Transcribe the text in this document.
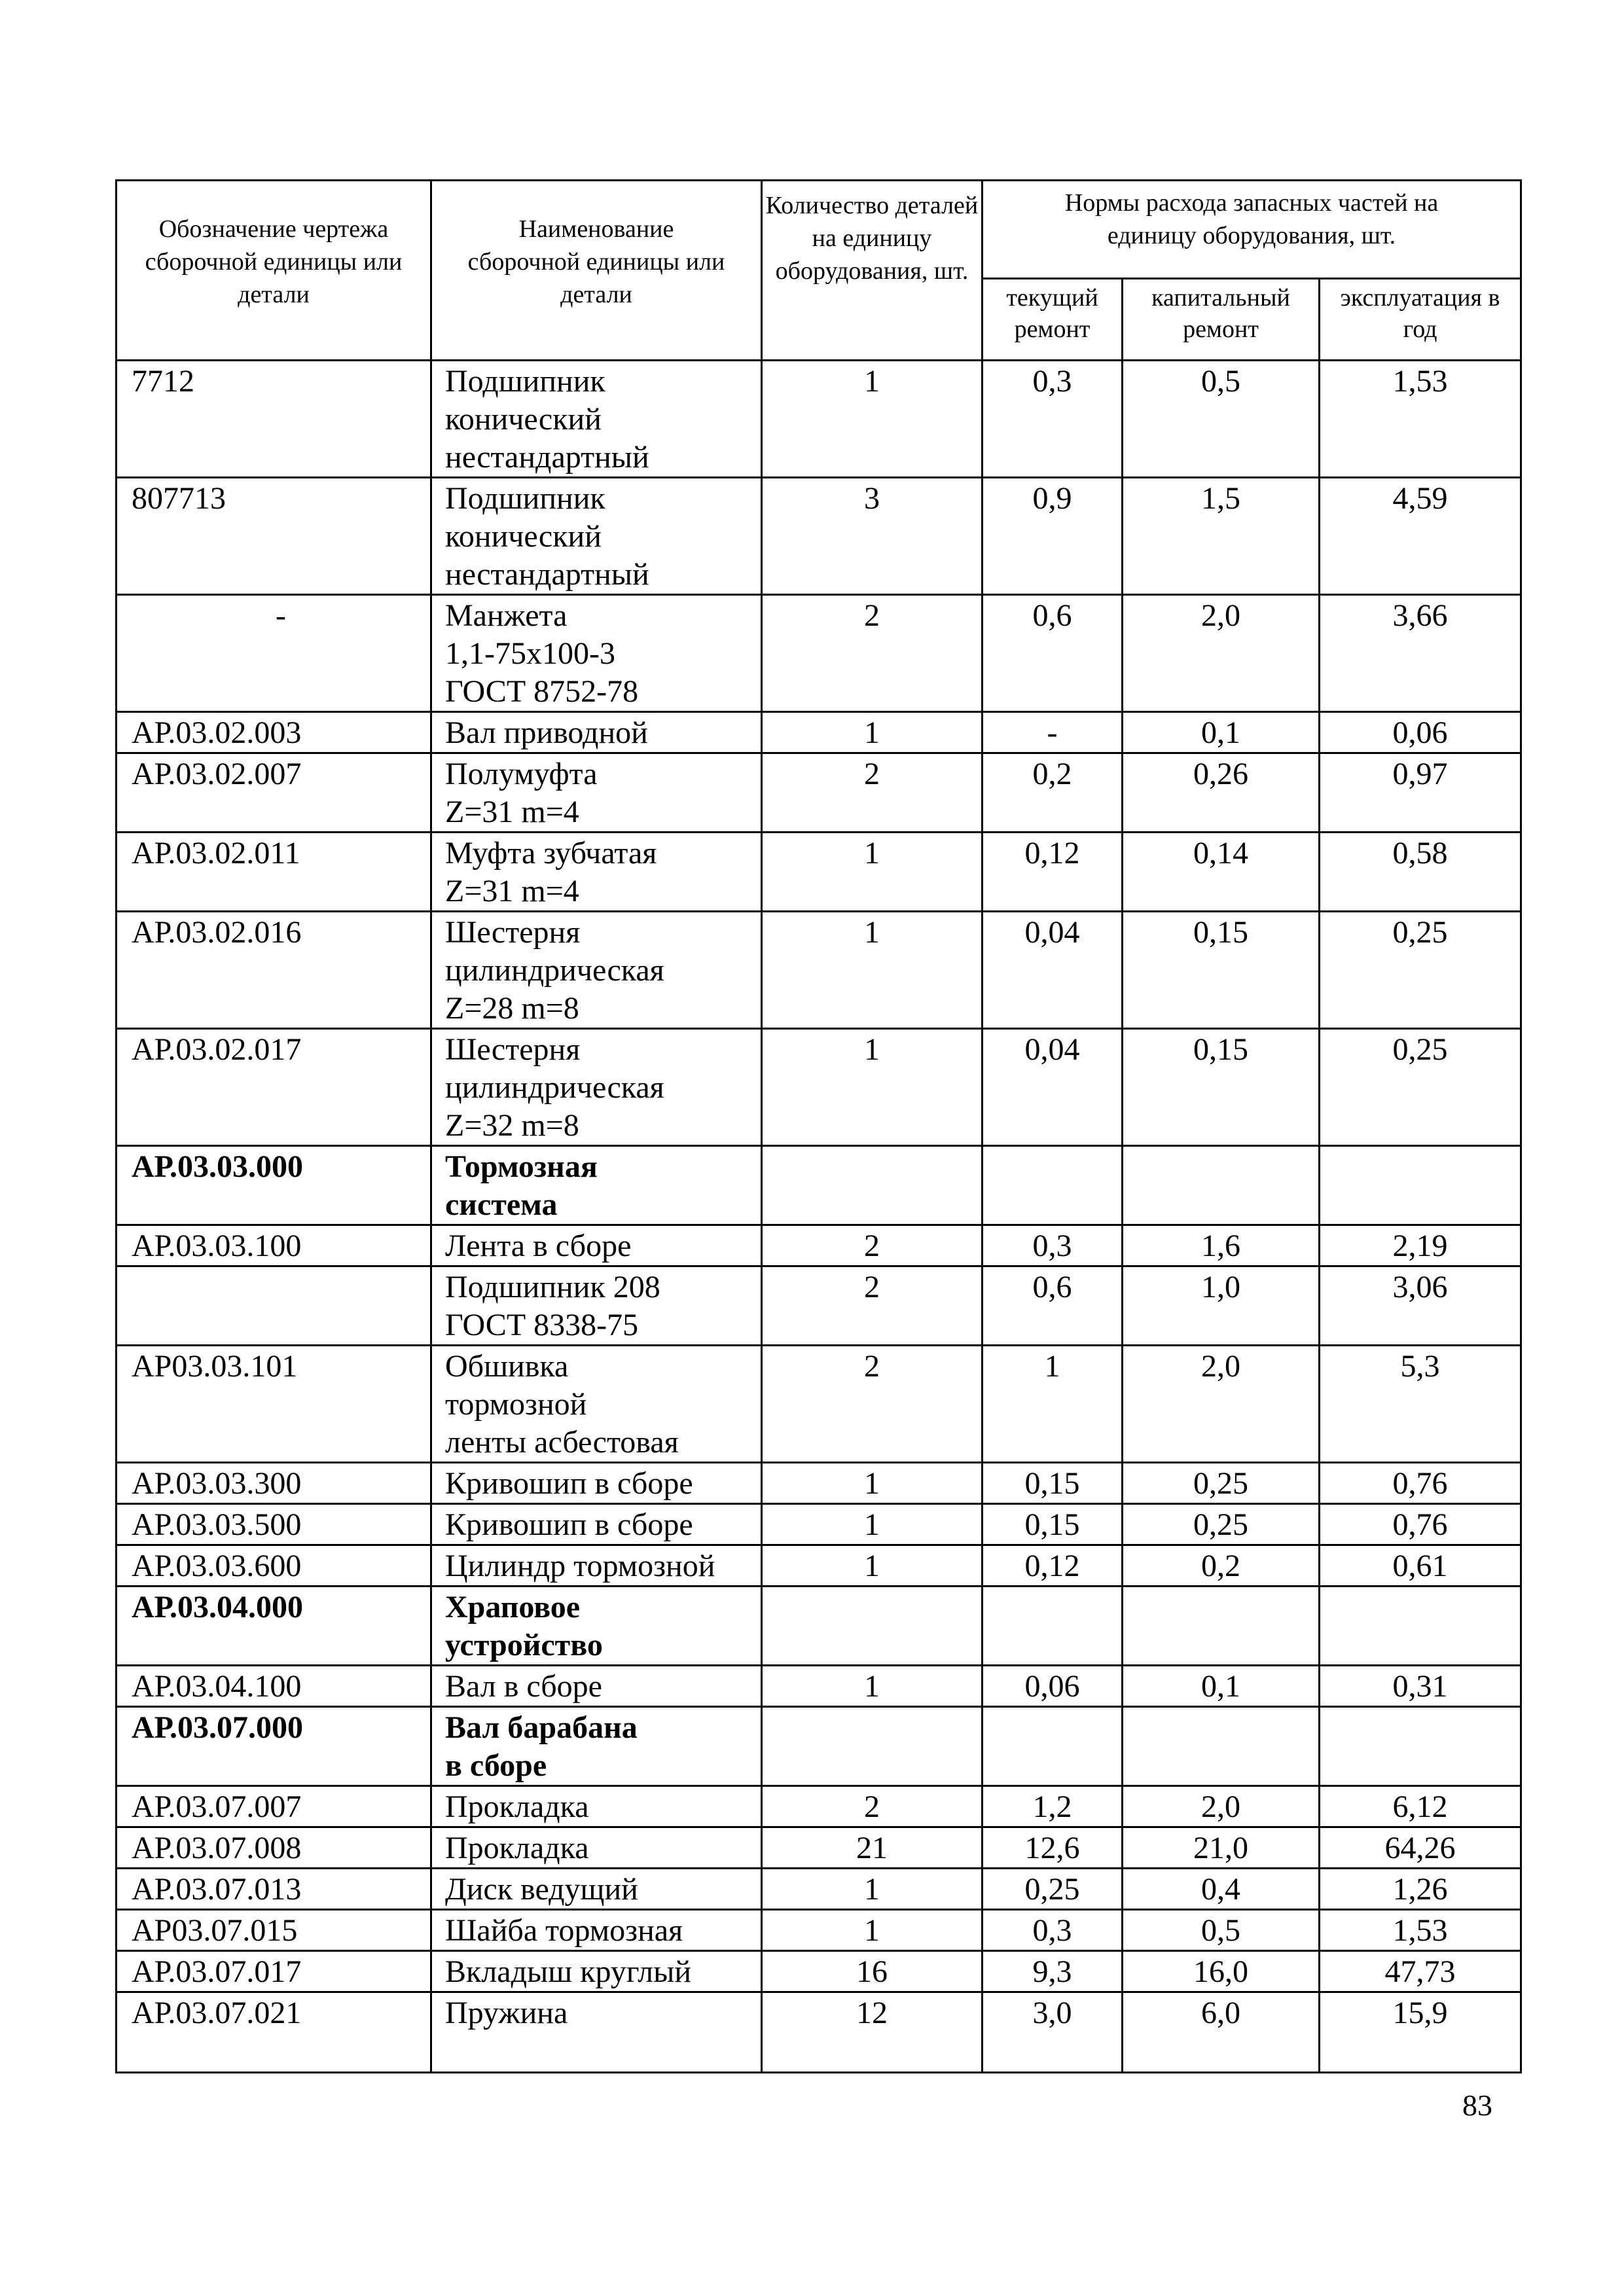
Обозначение чертежа сборочной единицы или детали	Наименование сборочной единицы или детали	Количество деталей на единицу оборудования, шт.	Нормы расхода запасных частей на единицу оборудования, шт.		
			текущий ремонт	капитальный ремонт	эксплуатация в год
7712	Подшипник
конический
нестандартный	1	0,3	0,5	1,53
807713	Подшипник
конический
нестандартный	3	0,9	1,5	4,59
-	Манжета
1,1-75х100-3
ГОСТ 8752-78	2	0,6	2,0	3,66
АР.03.02.003	Вал приводной	1	-	0,1	0,06
АР.03.02.007	Полумуфта
Z=31 m=4	2	0,2	0,26	0,97
АР.03.02.011	Муфта зубчатая
Z=31 m=4	1	0,12	0,14	0,58
АР.03.02.016	Шестерня
цилиндрическая
Z=28 m=8	1	0,04	0,15	0,25
АР.03.02.017	Шестерня
цилиндрическая
Z=32 m=8	1	0,04	0,15	0,25
АР.03.03.000	Тормозная
система				
АР.03.03.100	Лента в сборе	2	0,3	1,6	2,19
	Подшипник 208
ГОСТ 8338-75	2	0,6	1,0	3,06
АР03.03.101	Обшивка
тормозной
ленты асбестовая	2	1	2,0	5,3
АР.03.03.300	Кривошип в сборе	1	0,15	0,25	0,76
АР.03.03.500	Кривошип в сборе	1	0,15	0,25	0,76
АР.03.03.600	Цилиндр тормозной	1	0,12	0,2	0,61
АР.03.04.000	Храповое
устройство				
АР.03.04.100	Вал в сборе	1	0,06	0,1	0,31
АР.03.07.000	Вал барабана
в сборе				
АР.03.07.007	Прокладка	2	1,2	2,0	6,12
АР.03.07.008	Прокладка	21	12,6	21,0	64,26
АР.03.07.013	Диск ведущий	1	0,25	0,4	1,26
АР03.07.015	Шайба тормозная	1	0,3	0,5	1,53
АР.03.07.017	Вкладыш круглый	16	9,3	16,0	47,73
АР.03.07.021	Пружина	12	3,0	6,0	15,9
83
